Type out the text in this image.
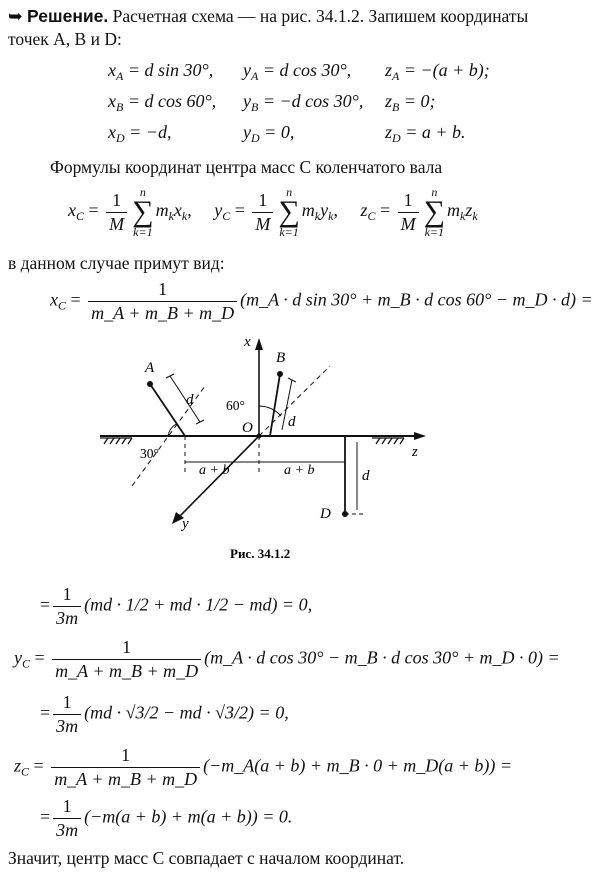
➥ Решение. Расчетная схема — на рис. 34.1.2. Запишем координаты
точек A, B и D:
$x_A = d$ sin 30°, $y_A = d$ cos 30°, $z_A = -(a + b)$;
$x_B = d$ cos 60°, $y_B = -d$ cos 30°, $z_B = 0$;
$x_D = -d$,	$y_D = 0$,	$z_D = a + b$.
Формулы координат центра масс C коленчатого вала
$x_C = \frac{1}{M}$	n
∑
k=1
$m_kx_k$, $y_C = \frac{1}{M}$	n
∑
k=1
$m_ky_k$, $z_C = \frac{1}{M}$	n
∑
k=1
$m_kz_k$
в данном случае примут вид:
$x_C = \frac{1}{m\_A + m\_B + m\_D}$ (m_A · d sin 30° + m_B · d cos 60° − m_D · d) =
x
z
y
O
A
B
D
d
d
d
60°
30°
a + b	a + b
Рис. 34.1.2
= $\frac{1}{3m} (md \cdot 1/2$ + md · 1/2 − md) = 0,
$y_C = \frac{1}{m\_A + m\_B + m\_D}$ (m_A · d cos 30° − m_B · d cos 30° + m_D · 0) =
= $\frac{1}{3m} (md \cdot √3/2$ − md · √3/2) = 0,
$z_C = \frac{1}{m\_A + m\_B + m\_D}$ (−m_A(a + b) + m_B · 0 + m_D(a + b)) =
= $\frac{1}{3m} (-m(a + b) + m(a + b)) = 0$.
Значит, центр масс C совпадает с началом координат.
